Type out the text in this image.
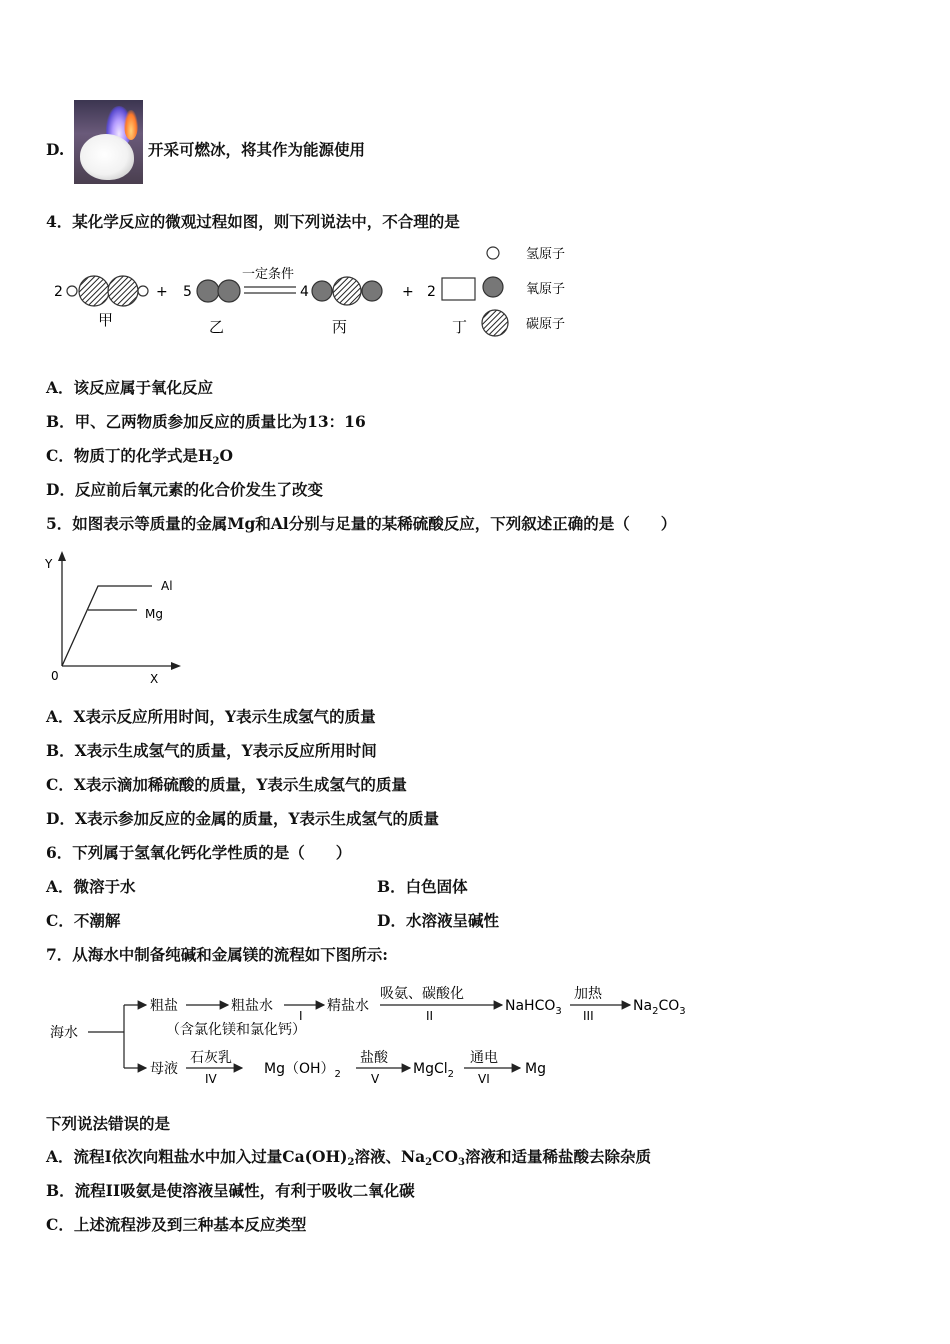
D.	开采可燃冰，将其作为能源使用
4．某化学反应的微观过程如图，则下列说法中，不合理的是
2	+
甲
5
乙
一定条件
4
丙
+ 2
丁
氢原子
氧原子
碳原子
A．该反应属于氧化反应
B．甲、乙两物质参加反应的质量比为13：16
C．物质丁的化学式是$H_2O$
D．反应前后氧元素的化合价发生了改变
5．如图表示等质量的金属Mg和Al分别与足量的某稀硫酸反应，下列叙述正确的是（　　）
Y
X
0
Al
Mg
A．X表示反应所用时间，Y表示生成氢气的质量
B．X表示生成氢气的质量，Y表示反应所用时间
C．X表示滴加稀硫酸的质量，Y表示生成氢气的质量
D．X表示参加反应的金属的质量，Y表示生成氢气的质量
6．下列属于氢氧化钙化学性质的是（　　）
A．微溶于水	B．白色固体
C．不潮解	D．水溶液呈碱性
7．从海水中制备纯碱和金属镁的流程如下图所示:
海水
粗盐	粗盐水
（含氯化镁和氯化钙）
I
精盐水
吸氨、碳酸化
II
NaHCO$_3$
加热
III
$Na_2CO_3$
母液
石灰乳
IV
$Mg(OH)_2$
盐酸
V
MgCl$_2$
通电
VI
Mg
下列说法错误的是
A．流程I依次向粗盐水中加入过量$Ca(OH)_2$溶液、$Na_2CO_3$溶液和适量稀盐酸去除杂质
B．流程II吸氨是使溶液呈碱性，有利于吸收二氧化碳
C．上述流程涉及到三种基本反应类型
